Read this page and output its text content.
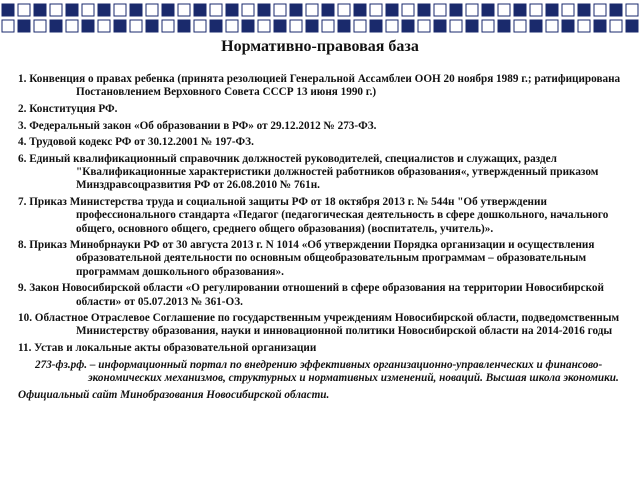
Нормативно-правовая база
1. Конвенция о правах ребенка (принята резолюцией Генеральной Ассамблеи ООН 20 ноября 1989 г.; ратифицирована Постановлением Верховного Совета СССР 13 июня 1990 г.)
2. Конституция РФ.
3. Федеральный закон «Об образовании в РФ» от 29.12.2012 № 273-ФЗ.
4. Трудовой кодекс РФ от 30.12.2001 № 197-ФЗ.
6. Единый квалификационный справочник должностей руководителей, специалистов и служащих, раздел "Квалификационные характеристики должностей работников образования«, утвержденный приказом Минздравсоцразвития РФ от 26.08.2010 № 761н.
7. Приказ Министерства труда и социальной защиты РФ от 18 октября 2013 г. № 544н "Об утверждении профессионального стандарта «Педагог (педагогическая деятельность в сфере дошкольного, начального общего, основного общего, среднего общего образования) (воспитатель, учитель)».
8. Приказ Минобрнауки РФ от 30 августа 2013 г. N 1014 «Об утверждении Порядка организации и осуществления образовательной деятельности по основным общеобразовательным программам – образовательным программам дошкольного образования».
9. Закон Новосибирской области «О регулировании отношений в сфере образования на территории Новосибирской области» от 05.07.2013 № 361-ОЗ.
10. Областное Отраслевое Соглашение по государственным учреждениям Новосибирской области, подведомственным Министерству образования, науки и инновационной политики Новосибирской области на 2014-2016 годы
11. Устав и локальные акты образовательной организации
273-фз.рф. – информационный портал по внедрению эффективных организационно-управленческих и финансово-экономических механизмов, структурных и нормативных изменений, новаций. Высшая школа экономики.
Официальный сайт Минобразования Новосибирской области.
